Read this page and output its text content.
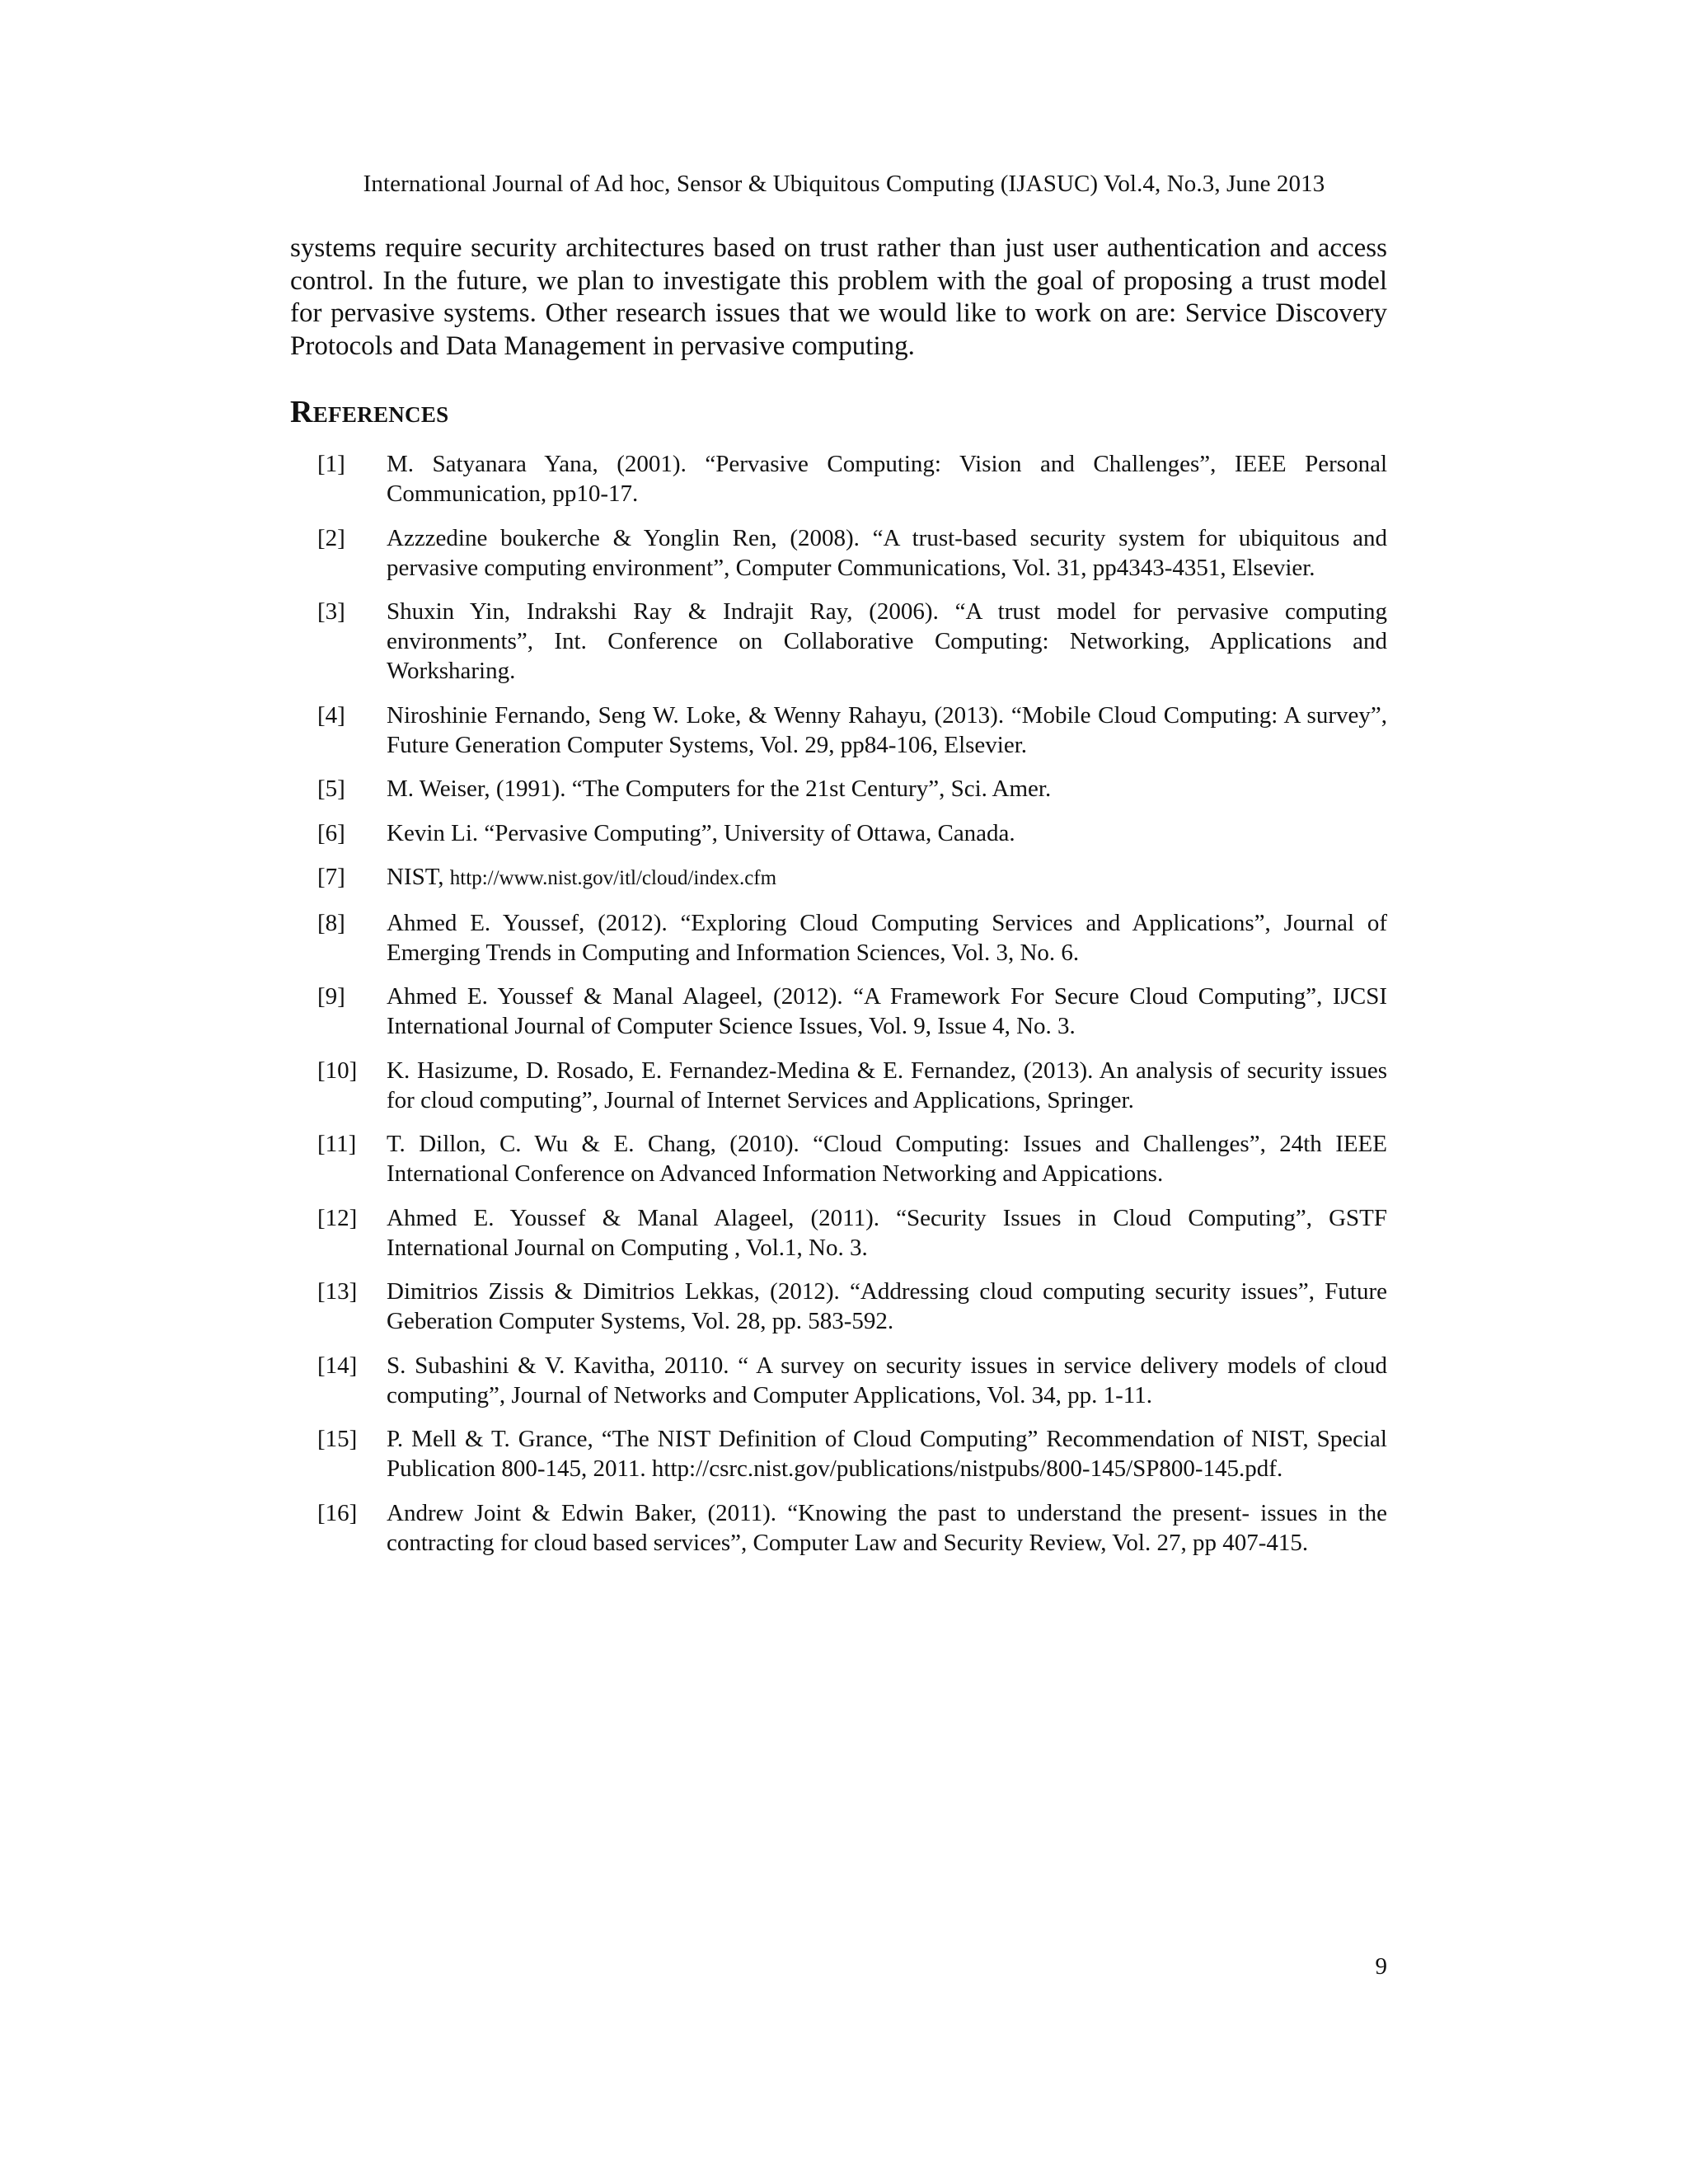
International Journal of Ad hoc, Sensor & Ubiquitous Computing (IJASUC) Vol.4, No.3, June 2013

systems require security architectures based on trust rather than just user authentication and access control. In the future, we plan to investigate this problem with the goal of proposing a trust model for pervasive systems. Other research issues that we would like to work on are: Service Discovery Protocols and Data Management in pervasive computing.

References
[1]	M. Satyanara Yana, (2001). “Pervasive Computing: Vision and Challenges”, IEEE Personal Communication, pp10-17.
[2]	Azzzedine boukerche & Yonglin Ren, (2008). “A trust-based security system for ubiquitous and pervasive computing environment”, Computer Communications, Vol. 31, pp4343-4351, Elsevier.
[3]	Shuxin Yin, Indrakshi Ray & Indrajit Ray, (2006). “A trust model for pervasive computing environments”, Int. Conference on Collaborative Computing: Networking, Applications and Worksharing.
[4]	Niroshinie Fernando, Seng W. Loke, & Wenny Rahayu, (2013). “Mobile Cloud Computing: A survey”, Future Generation Computer Systems, Vol. 29, pp84-106, Elsevier.
[5]	M. Weiser, (1991). “The Computers for the 21st Century”, Sci. Amer.
[6]	Kevin Li. “Pervasive Computing”, University of Ottawa, Canada.
[7]	NIST, http://www.nist.gov/itl/cloud/index.cfm
[8]	Ahmed E. Youssef, (2012). “Exploring Cloud Computing Services and Applications”, Journal of Emerging Trends in Computing and Information Sciences, Vol. 3, No. 6.
[9]	Ahmed E. Youssef & Manal Alageel, (2012). “A Framework For Secure Cloud Computing”, IJCSI International Journal of Computer Science Issues, Vol. 9, Issue 4, No. 3.
[10]	K. Hasizume, D. Rosado, E. Fernandez-Medina & E. Fernandez, (2013). An analysis of security issues for cloud computing”, Journal of Internet Services and Applications, Springer.
[11]	T. Dillon, C. Wu & E. Chang, (2010). “Cloud Computing: Issues and Challenges”, 24th IEEE International Conference on Advanced Information Networking and Appications.
[12]	Ahmed E. Youssef & Manal Alageel, (2011). “Security Issues in Cloud Computing”, GSTF International Journal on Computing , Vol.1, No. 3.
[13]	Dimitrios Zissis & Dimitrios Lekkas, (2012). “Addressing cloud computing security issues”, Future Geberation Computer Systems, Vol. 28, pp. 583-592.
[14]	S. Subashini & V. Kavitha, 20110. “ A survey on security issues in service delivery models of cloud computing”, Journal of Networks and Computer Applications, Vol. 34, pp. 1-11.
[15]	P. Mell & T. Grance, “The NIST Definition of Cloud Computing” Recommendation of NIST, Special Publication 800-145, 2011. http://csrc.nist.gov/publications/nistpubs/800-145/SP800-145.pdf.
[16]	Andrew Joint & Edwin Baker, (2011). “Knowing the past to understand the present- issues in the contracting for cloud based services”, Computer Law and Security Review, Vol. 27, pp 407-415.
9
